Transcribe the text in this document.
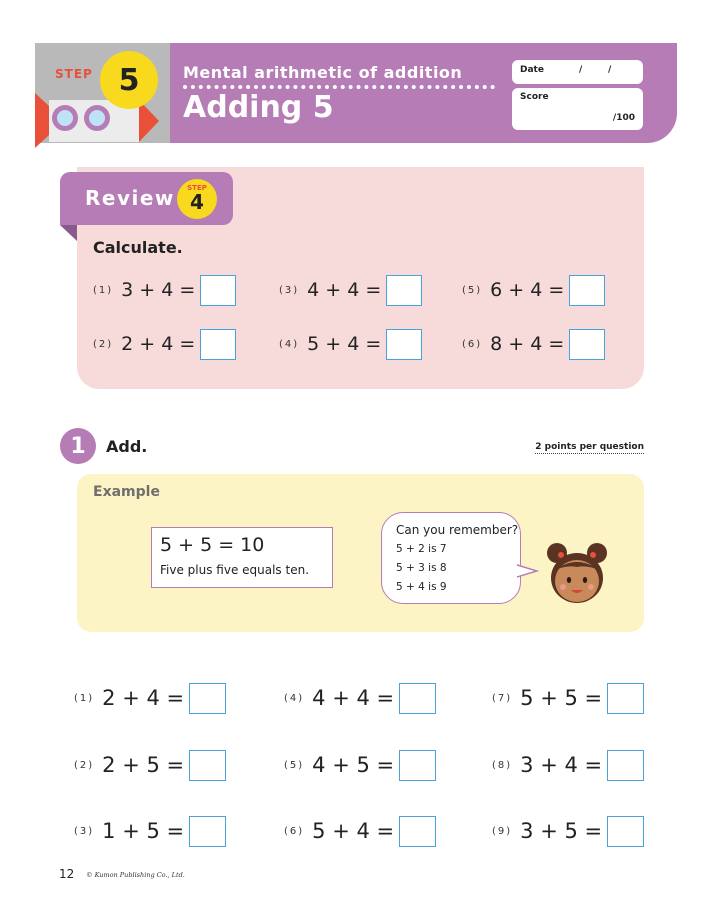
STEP 5	Mental arithmetic of addition
Adding 5
Date	/	/
Score
/100
Review	STEP
4
Calculate.
(1) 3 + 4 =
(2) 2 + 4 =
(3) 4 + 4 =
(4) 5 + 4 =
(5) 6 + 4 =
(6) 8 + 4 =
1 Add.	2 points per question
Example
5 + 5 = 10
Five plus five equals ten.
Can you remember?
5 + 2 is 7
5 + 3 is 8
5 + 4 is 9
(1) 2 + 4 =
(2) 2 + 5 =
(3) 1 + 5 =
(4) 4 + 4 =
(5) 4 + 5 =
(6) 5 + 4 =
(7) 5 + 5 =
(8) 3 + 4 =
(9) 3 + 5 =
12 © Kumon Publishing Co., Ltd.
